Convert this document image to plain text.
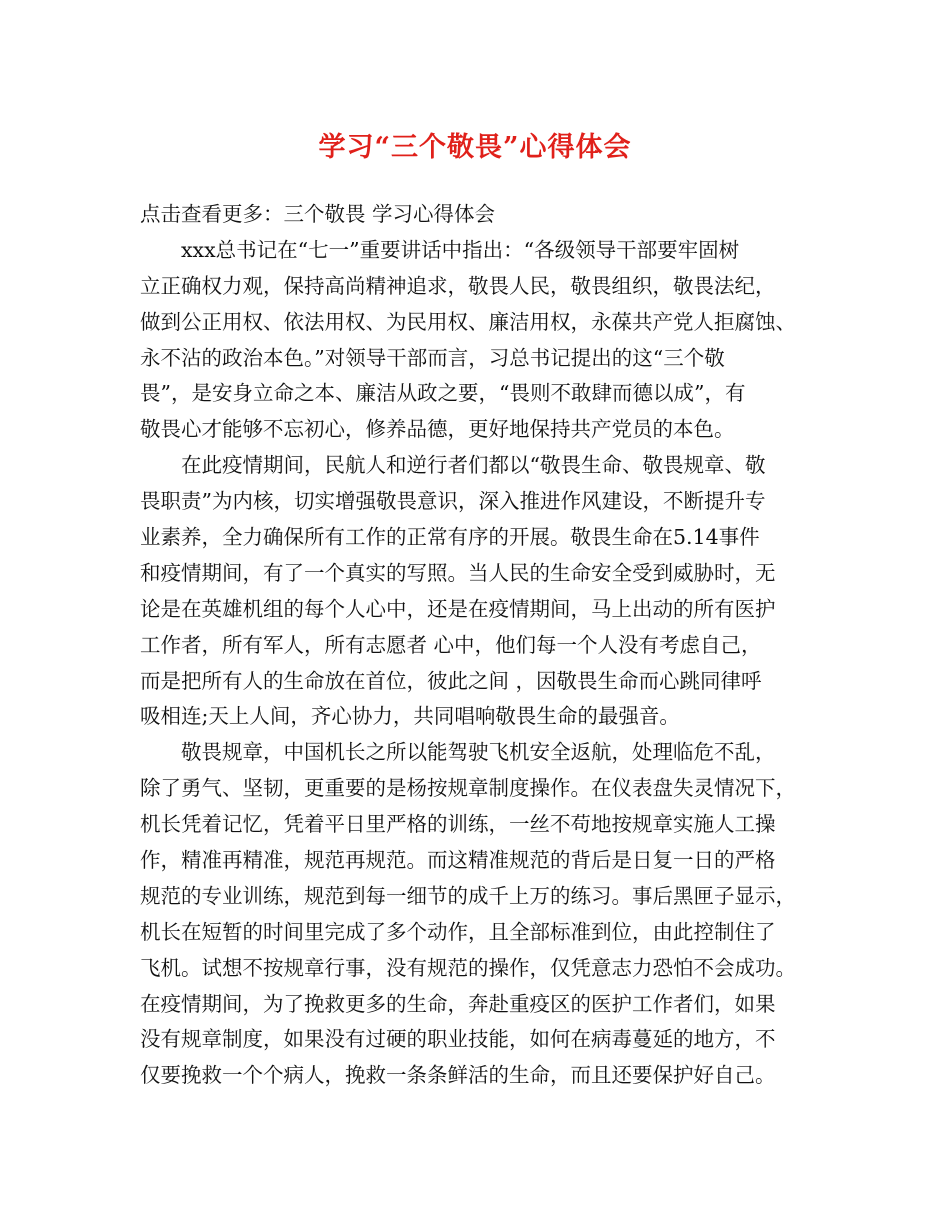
学习“三个敬畏”心得体会
点击查看更多：三个敬畏 学习心得体会
xxx总书记在“七一”重要讲话中指出：“各级领导干部要牢固树
立正确权力观，保持高尚精神追求，敬畏人民，敬畏组织，敬畏法纪，
做到公正用权、依法用权、为民用权、廉洁用权，永葆共产党人拒腐蚀、
永不沾的政治本色。”对领导干部而言，习总书记提出的这“三个敬
畏”，是安身立命之本、廉洁从政之要，“畏则不敢肆而德以成”，有
敬畏心才能够不忘初心，修养品德，更好地保持共产党员的本色。
在此疫情期间，民航人和逆行者们都以“敬畏生命、敬畏规章、敬
畏职责”为内核，切实增强敬畏意识，深入推进作风建设，不断提升专
业素养，全力确保所有工作的正常有序的开展。敬畏生命在5.14事件
和疫情期间，有了一个真实的写照。当人民的生命安全受到威胁时，无
论是在英雄机组的每个人心中，还是在疫情期间，马上出动的所有医护
工作者，所有军人，所有志愿者 心中，他们每一个人没有考虑自己，
而是把所有人的生命放在首位，彼此之间 ，因敬畏生命而心跳同律呼
吸相连;天上人间，齐心协力，共同唱响敬畏生命的最强音。
敬畏规章，中国机长之所以能驾驶飞机安全返航，处理临危不乱，
除了勇气、坚韧，更重要的是杨按规章制度操作。在仪表盘失灵情况下，
机长凭着记忆，凭着平日里严格的训练，一丝不苟地按规章实施人工操
作，精准再精准，规范再规范。而这精准规范的背后是日复一日的严格
规范的专业训练，规范到每一细节的成千上万的练习。事后黑匣子显示，
机长在短暂的时间里完成了多个动作，且全部标准到位，由此控制住了
飞机。试想不按规章行事，没有规范的操作，仅凭意志力恐怕不会成功。
在疫情期间，为了挽救更多的生命，奔赴重疫区的医护工作者们，如果
没有规章制度，如果没有过硬的职业技能，如何在病毒蔓延的地方，不
仅要挽救一个个病人，挽救一条条鲜活的生命，而且还要保护好自己。
